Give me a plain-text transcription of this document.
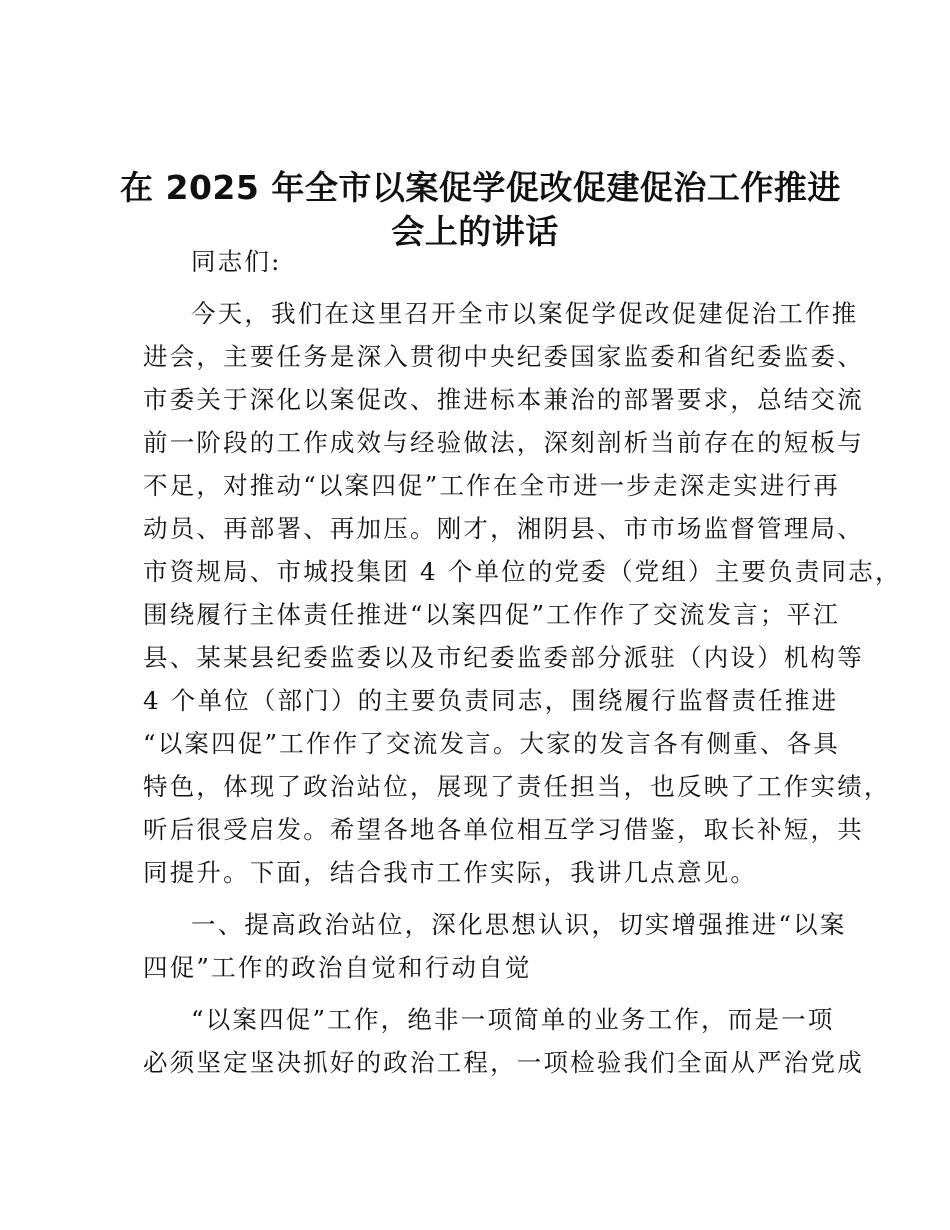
在 2025 年全市以案促学促改促建促治工作推进
会上的讲话
同志们:
今天，我们在这里召开全市以案促学促改促建促治工作推
进会，主要任务是深入贯彻中央纪委国家监委和省纪委监委、
市委关于深化以案促改、推进标本兼治的部署要求，总结交流
前一阶段的工作成效与经验做法，深刻剖析当前存在的短板与
不足，对推动“以案四促”工作在全市进一步走深走实进行再
动员、再部署、再加压。刚才，湘阴县、市市场监督管理局、
市资规局、市城投集团 4 个单位的党委（党组）主要负责同志，
围绕履行主体责任推进“以案四促”工作作了交流发言；平江
县、某某县纪委监委以及市纪委监委部分派驻（内设）机构等
4 个单位（部门）的主要负责同志，围绕履行监督责任推进
“以案四促”工作作了交流发言。大家的发言各有侧重、各具
特色，体现了政治站位，展现了责任担当，也反映了工作实绩，
听后很受启发。希望各地各单位相互学习借鉴，取长补短，共
同提升。下面，结合我市工作实际，我讲几点意见。
一、提高政治站位，深化思想认识，切实增强推进“以案
四促”工作的政治自觉和行动自觉
“以案四促”工作，绝非一项简单的业务工作，而是一项
必须坚定坚决抓好的政治工程，一项检验我们全面从严治党成
